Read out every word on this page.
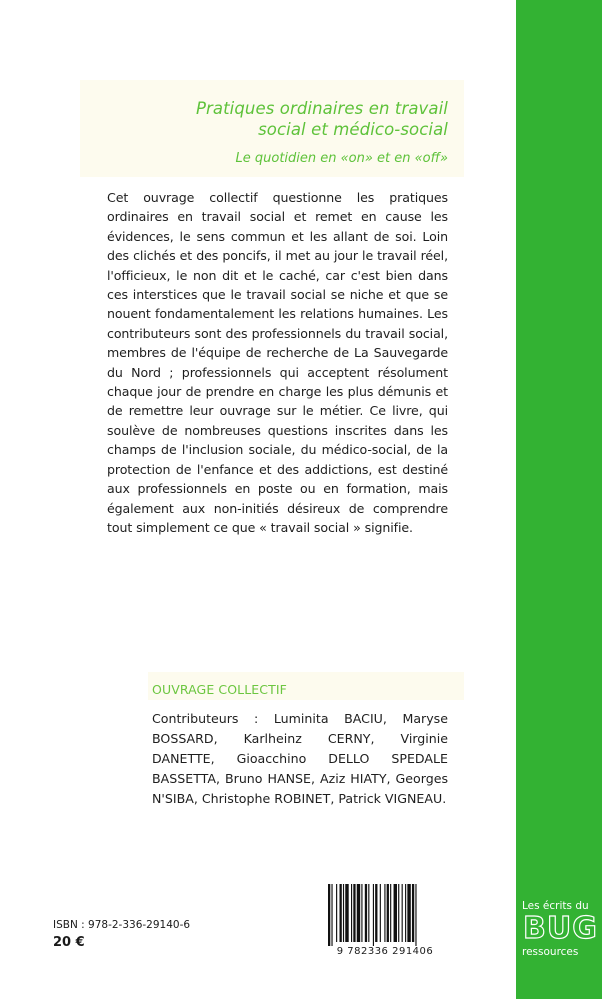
Pratiques ordinaires en travail
social et médico-social
Le quotidien en «on» et en «off»
Cet ouvrage collectif questionne les pratiques ordinaires en travail social et remet en cause les évidences, le sens commun et les allant de soi. Loin des clichés et des poncifs, il met au jour le travail réel, l'officieux, le non dit et le caché, car c'est bien dans ces interstices que le travail social se niche et que se nouent fondamentalement les relations humaines. Les contributeurs sont des professionnels du travail social, membres de l'équipe de recherche de La Sauvegarde du Nord ; professionnels qui acceptent résolument chaque jour de prendre en charge les plus démunis et de remettre leur ouvrage sur le métier. Ce livre, qui soulève de nombreuses questions inscrites dans les champs de l'inclusion sociale, du médico-social, de la protection de l'enfance et des addictions, est destiné aux professionnels en poste ou en formation, mais également aux non-initiés désireux de comprendre tout simplement ce que « travail social » signifie.
OUVRAGE COLLECTIF
Contributeurs : Luminita BACIU, Maryse BOSSARD, Karlheinz CERNY, Virginie DANETTE, Gioacchino DELLO SPEDALE BASSETTA, Bruno HANSE, Aziz HIATY, Georges N'SIBA, Christophe ROBINET, Patrick VIGNEAU.
ISBN : 978-2-336-29140-6
20 €
9 782336 291406
Les écrits du
BUG
ressources
